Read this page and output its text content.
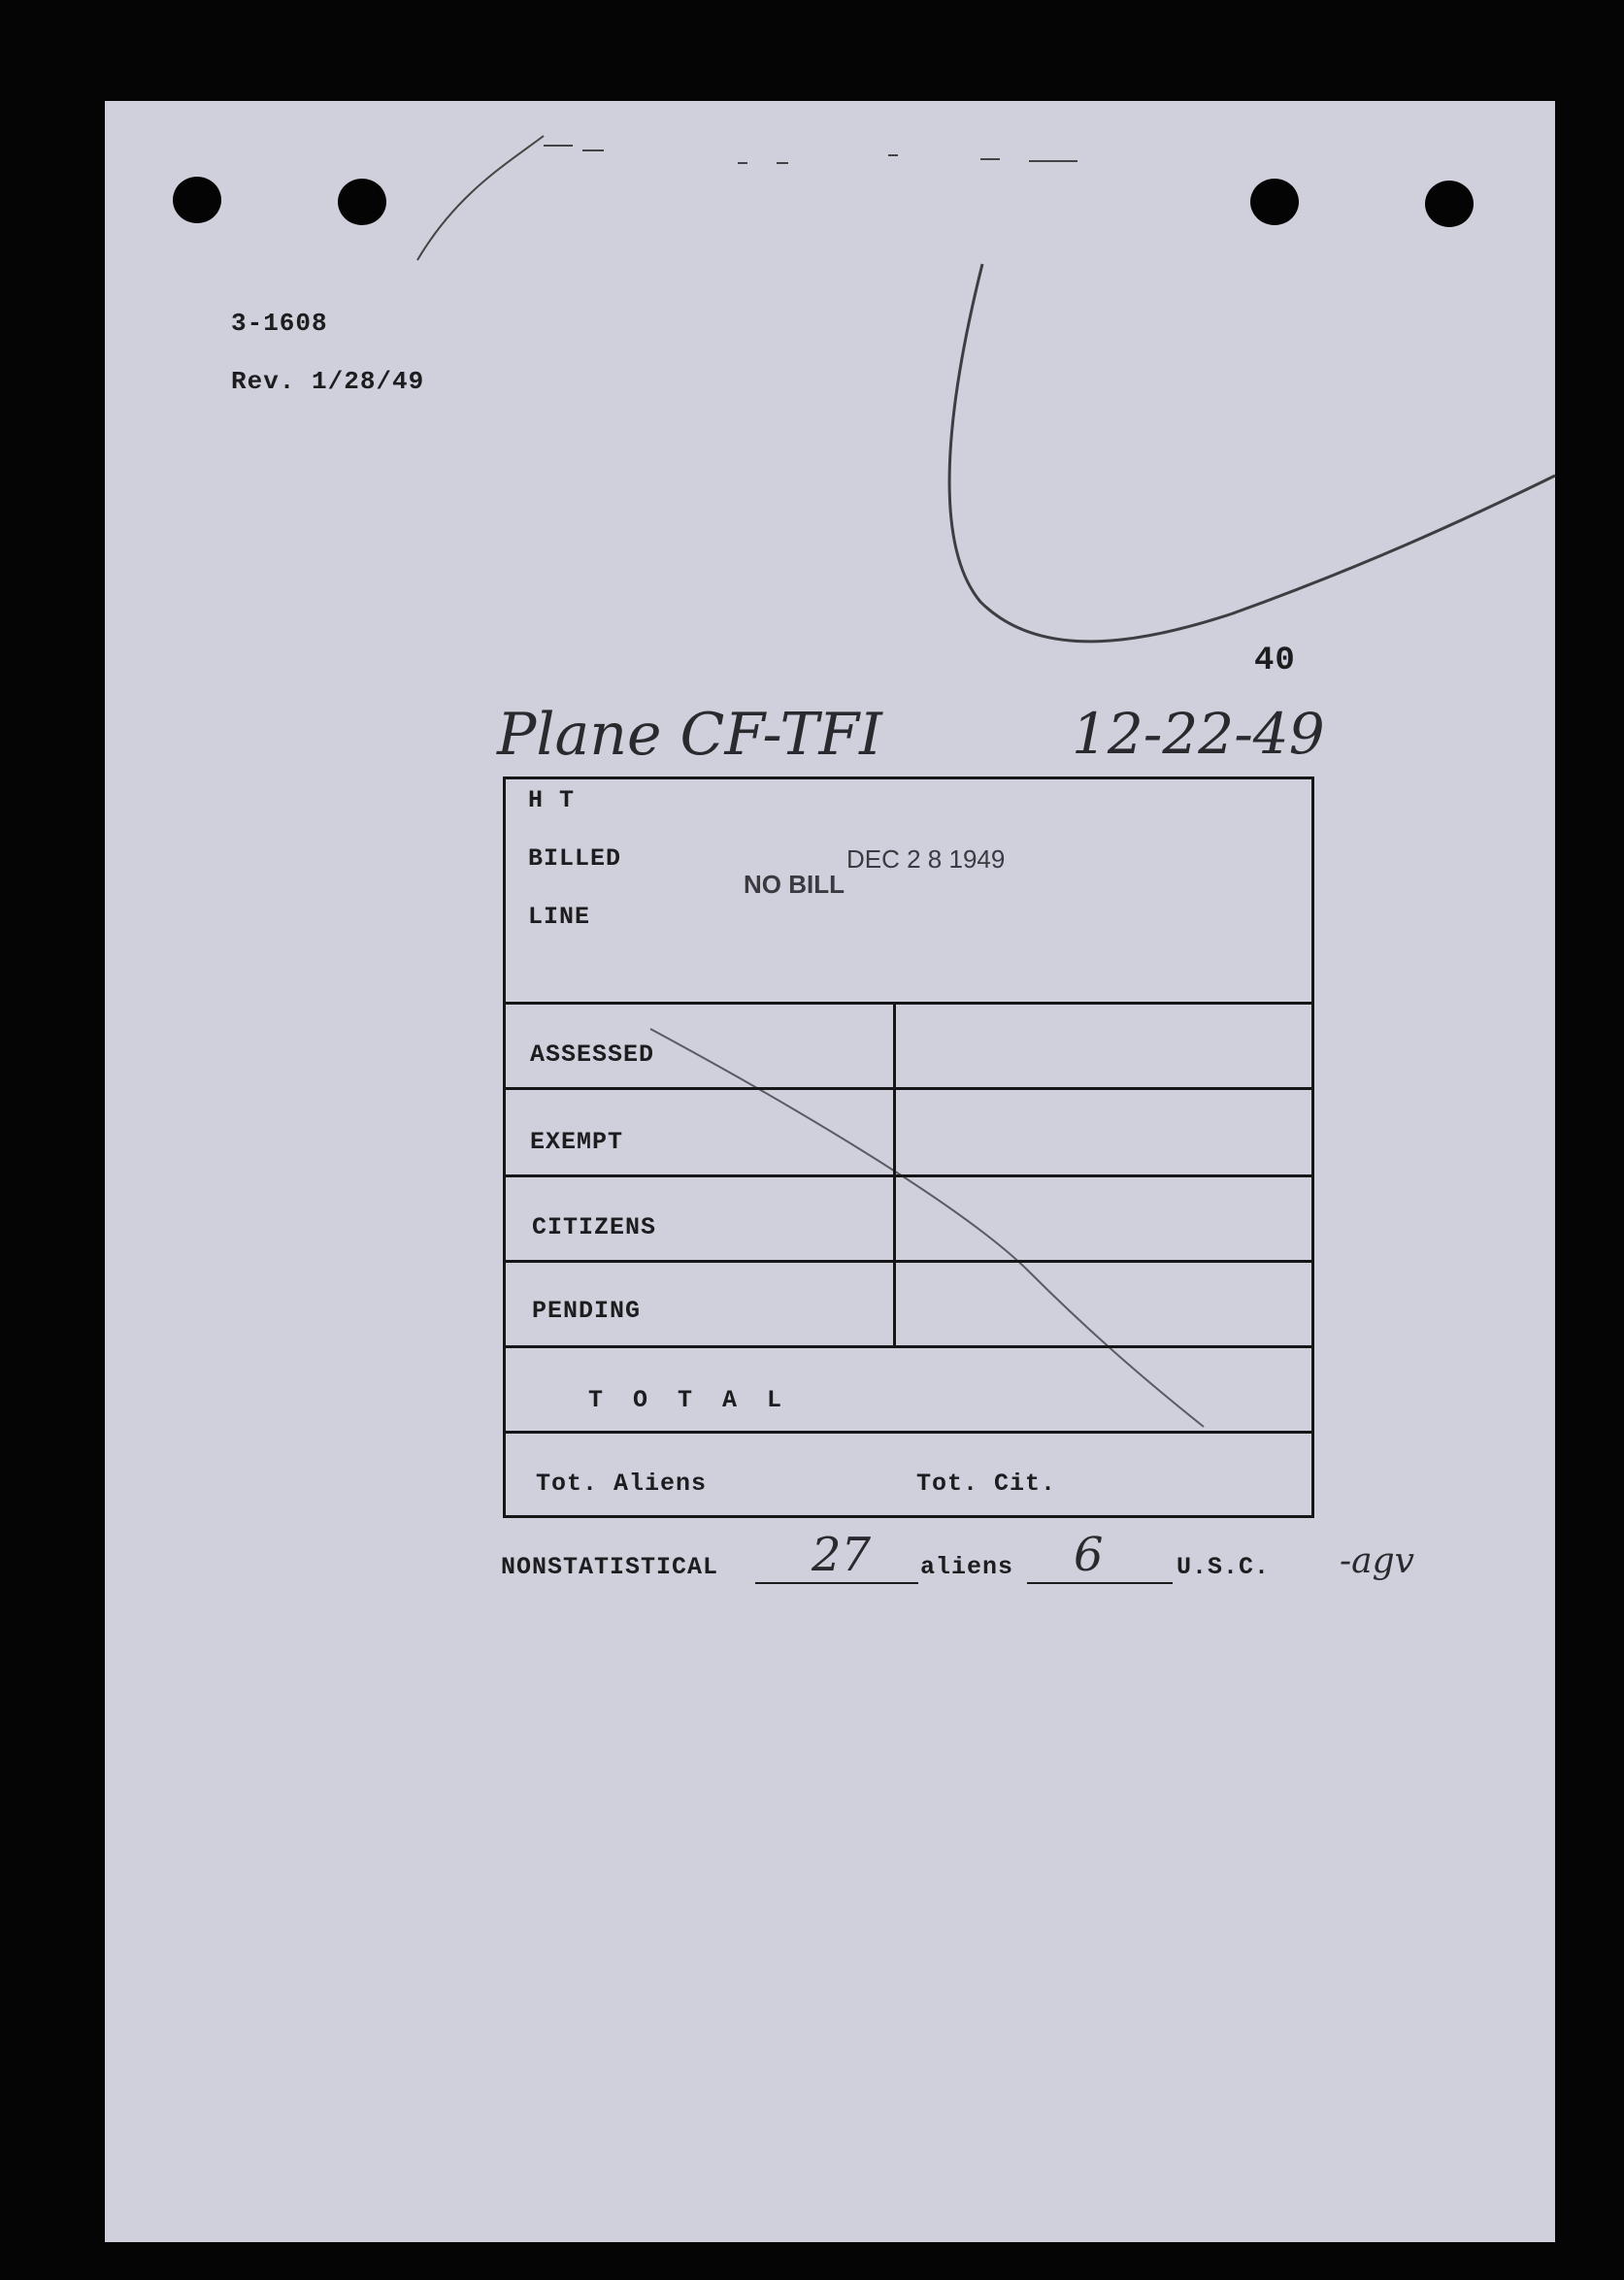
3-1608
Rev. 1/28/49
Plane CF-TFI	12-22-49
40
H T
BILLED
LINE
DEC 2 8 1949
NO BILL
ASSESSED
EXEMPT
CITIZENS
PENDING
T O T A L
Tot. Aliens	Tot. Cit.
NONSTATISTICAL 27 aliens 6	U.S.C. -agv
